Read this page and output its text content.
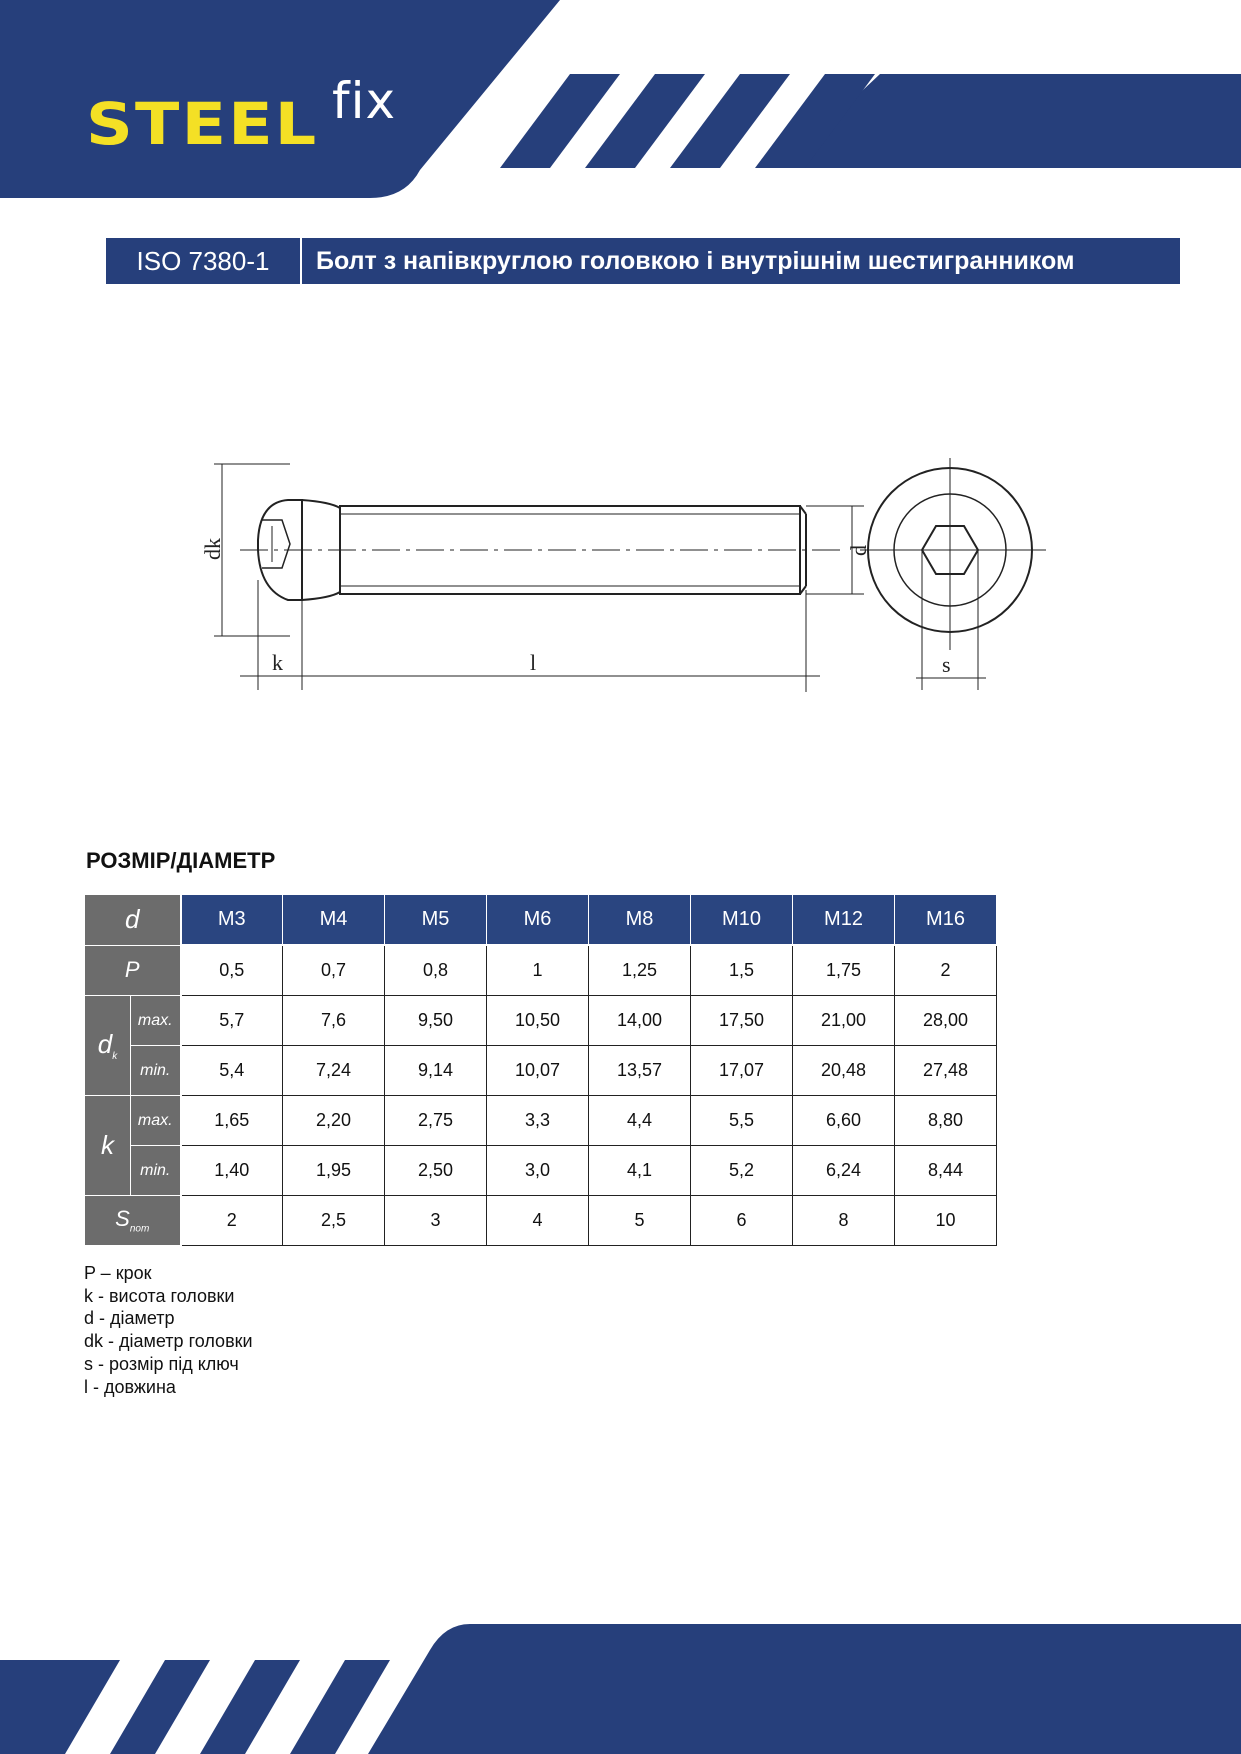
STEEL fix
ISO 7380-1	Болт з напівкруглою головкою і внутрішнім шестигранником
dk
k	l
d
s
РОЗМІР/ДІАМЕТР
d		M3	M4	M5	M6	M8	M10	M12	M16
P		0,5	0,7	0,8	1	1,25	1,5	1,75	2
$d_k$	max.	5,7	7,6	9,50	10,50	14,00	17,50	21,00	28,00
	min.	5,4	7,24	9,14	10,07	13,57	17,07	20,48	27,48
k	max.	1,65	2,20	2,75	3,3	4,4	5,5	6,60	8,80
	min.	1,40	1,95	2,50	3,0	4,1	5,2	6,24	8,44
$S_{nom}$		2	2,5	3	4	5	6	8	10
P – крок
k - висота головки
d - діаметр
dk - діаметр головки
s - розмір під ключ
l - довжина
